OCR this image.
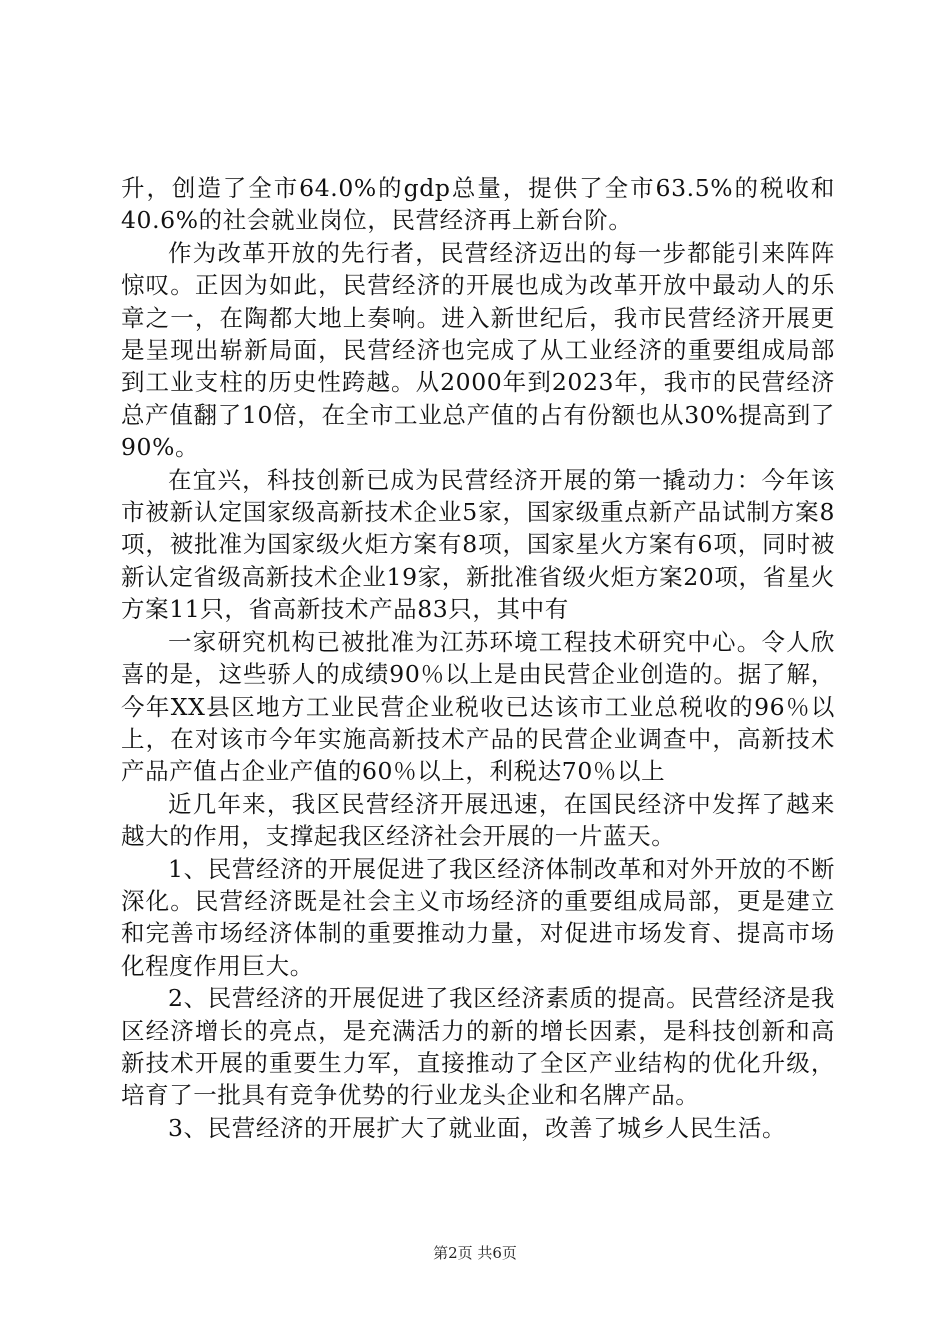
升，创造了全市64.0%的gdp总量，提供了全市63.5%的税收和40.6%的社会就业岗位，民营经济再上新台阶。

作为改革开放的先行者，民营经济迈出的每一步都能引来阵阵惊叹。正因为如此，民营经济的开展也成为改革开放中最动人的乐章之一，在陶都大地上奏响。进入新世纪后，我市民营经济开展更是呈现出崭新局面，民营经济也完成了从工业经济的重要组成局部到工业支柱的历史性跨越。从2000年到2023年，我市的民营经济总产值翻了10倍，在全市工业总产值的占有份额也从30%提高到了90%。

在宜兴，科技创新已成为民营经济开展的第一撬动力：今年该市被新认定国家级高新技术企业5家，国家级重点新产品试制方案8项，被批准为国家级火炬方案有8项，国家星火方案有6项，同时被新认定省级高新技术企业19家，新批准省级火炬方案20项，省星火方案11只，省高新技术产品83只，其中有

一家研究机构已被批准为江苏环境工程技术研究中心。令人欣喜的是，这些骄人的成绩90％以上是由民营企业创造的。据了解，今年XX县区地方工业民营企业税收已达该市工业总税收的96％以上，在对该市今年实施高新技术产品的民营企业调查中，高新技术产品产值占企业产值的60％以上，利税达70％以上

近几年来，我区民营经济开展迅速，在国民经济中发挥了越来越大的作用，支撑起我区经济社会开展的一片蓝天。

1、民营经济的开展促进了我区经济体制改革和对外开放的不断深化。民营经济既是社会主义市场经济的重要组成局部，更是建立和完善市场经济体制的重要推动力量，对促进市场发育、提高市场化程度作用巨大。

2、民营经济的开展促进了我区经济素质的提高。民营经济是我区经济增长的亮点，是充满活力的新的增长因素，是科技创新和高新技术开展的重要生力军，直接推动了全区产业结构的优化升级，培育了一批具有竞争优势的行业龙头企业和名牌产品。

3、民营经济的开展扩大了就业面，改善了城乡人民生活。

第2页 共6页
